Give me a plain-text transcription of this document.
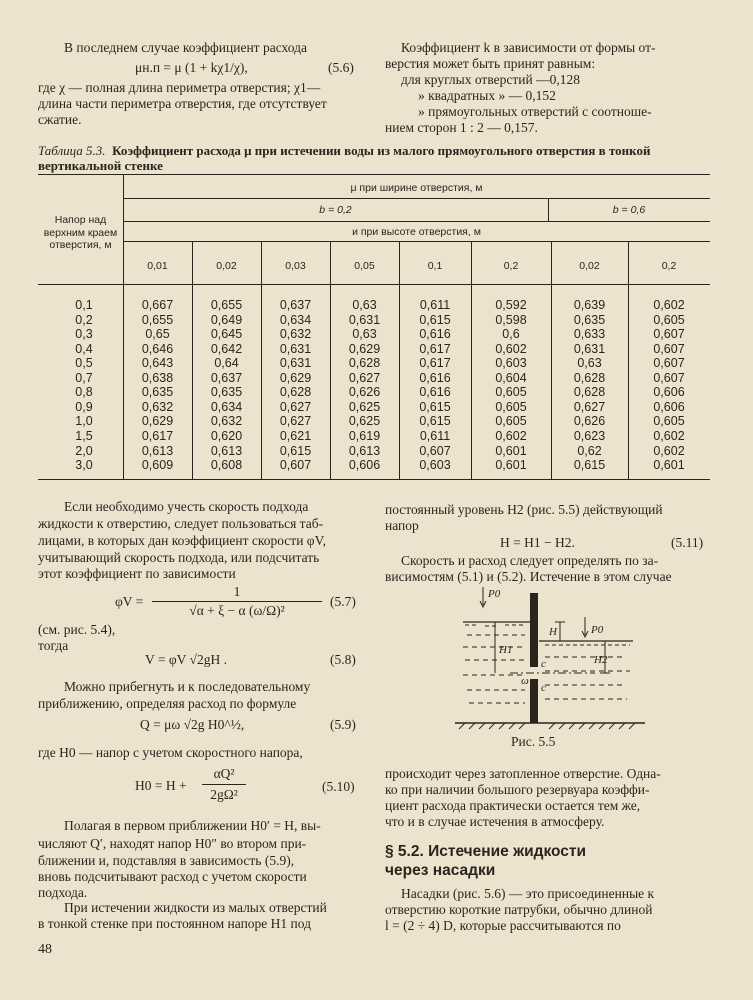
В последнем случае коэффициент расхода
μн.п = μ (1 + kχ1/χ),	(5.6)
где χ — полная длина периметра отверстия; χ1—
длина части периметра отверстия, где отсутствует
сжатие.
Коэффициент k в зависимости от формы от-
верстия может быть принят равным:
для круглых отверстий —0,128
» квадратных » — 0,152
» прямоугольных отверстий с соотноше-
нием сторон 1 : 2 — 0,157.
Таблица 5.3. Коэффициент расхода μ при истечении воды из малого прямоугольного отверстия в тонкой вертикальной стенке
Напор над
верхним краем
отверстия, м
μ при ширине отверстия, м
b = 0,2	b = 0,6
и при высоте отверстия, м
0,01	0,02	0,03	0,05	0,1	0,2	0,02	0,2
0,1	0,667	0,655	0,637	0,63	0,611	0,592	0,639	0,602
0,2	0,655	0,649	0,634	0,631	0,615	0,598	0,635	0,605
0,3	0,65	0,645	0,632	0,63	0,616	0,6	0,633	0,607
0,4	0,646	0,642	0,631	0,629	0,617	0,602	0,631	0,607
0,5	0,643	0,64	0,631	0,628	0,617	0,603	0,63	0,607
0,7	0,638	0,637	0,629	0,627	0,616	0,604	0,628	0,607
0,8	0,635	0,635	0,628	0,626	0,616	0,605	0,628	0,606
0,9	0,632	0,634	0,627	0,625	0,615	0,605	0,627	0,606
1,0	0,629	0,632	0,627	0,625	0,615	0,605	0,626	0,605
1,5	0,617	0,620	0,621	0,619	0,611	0,602	0,623	0,602
2,0	0,613	0,613	0,615	0,613	0,607	0,601	0,62	0,602
3,0	0,609	0,608	0,607	0,606	0,603	0,601	0,615	0,601
Если необходимо учесть скорость подхода
жидкости к отверстию, следует пользоваться таб-
лицами, в которых дан коэффициент скорости φV,
учитывающий скорость подхода, или подсчитать
этот коэффициент по зависимости
φV =
1
√α + ξ − α (ω/Ω)²
(5.7)
(см. рис. 5.4),
тогда
V = φV √2gH .	(5.8)
Можно прибегнуть и к последовательному
приближению, определяя расход по формуле
Q = μω √2g H0^½,	(5.9)
где H0 — напор с учетом скоростного напора,
H0 = H +
αQ²
2gΩ²
(5.10)
Полагая в первом приближении H0′ = H, вы-
числяют Q′, находят напор H0″ во втором при-
ближении и, подставляя в зависимость (5.9),
вновь подсчитывают расход с учетом скорости
подхода.
При истечении жидкости из малых отверстий
в тонкой стенке при постоянном напоре H1 под
48
постоянный уровень H2 (рис. 5.5) действующий
напор
H = H1 − H2.	(5.11)
Скорость и расход следует определять по за-
висимостям (5.1) и (5.2). Истечение в этом случае
P0
P0
H
H1
H2
c
c
ω
Рис. 5.5
происходит через затопленное отверстие. Одна-
ко при наличии большого резервуара коэффи-
циент расхода практически остается тем же,
что и в случае истечения в атмосферу.
§ 5.2. Истечение жидкости
через насадки
Насадки (рис. 5.6) — это присоединенные к
отверстию короткие патрубки, обычно длиной
l = (2 ÷ 4) D, которые рассчитываются по
